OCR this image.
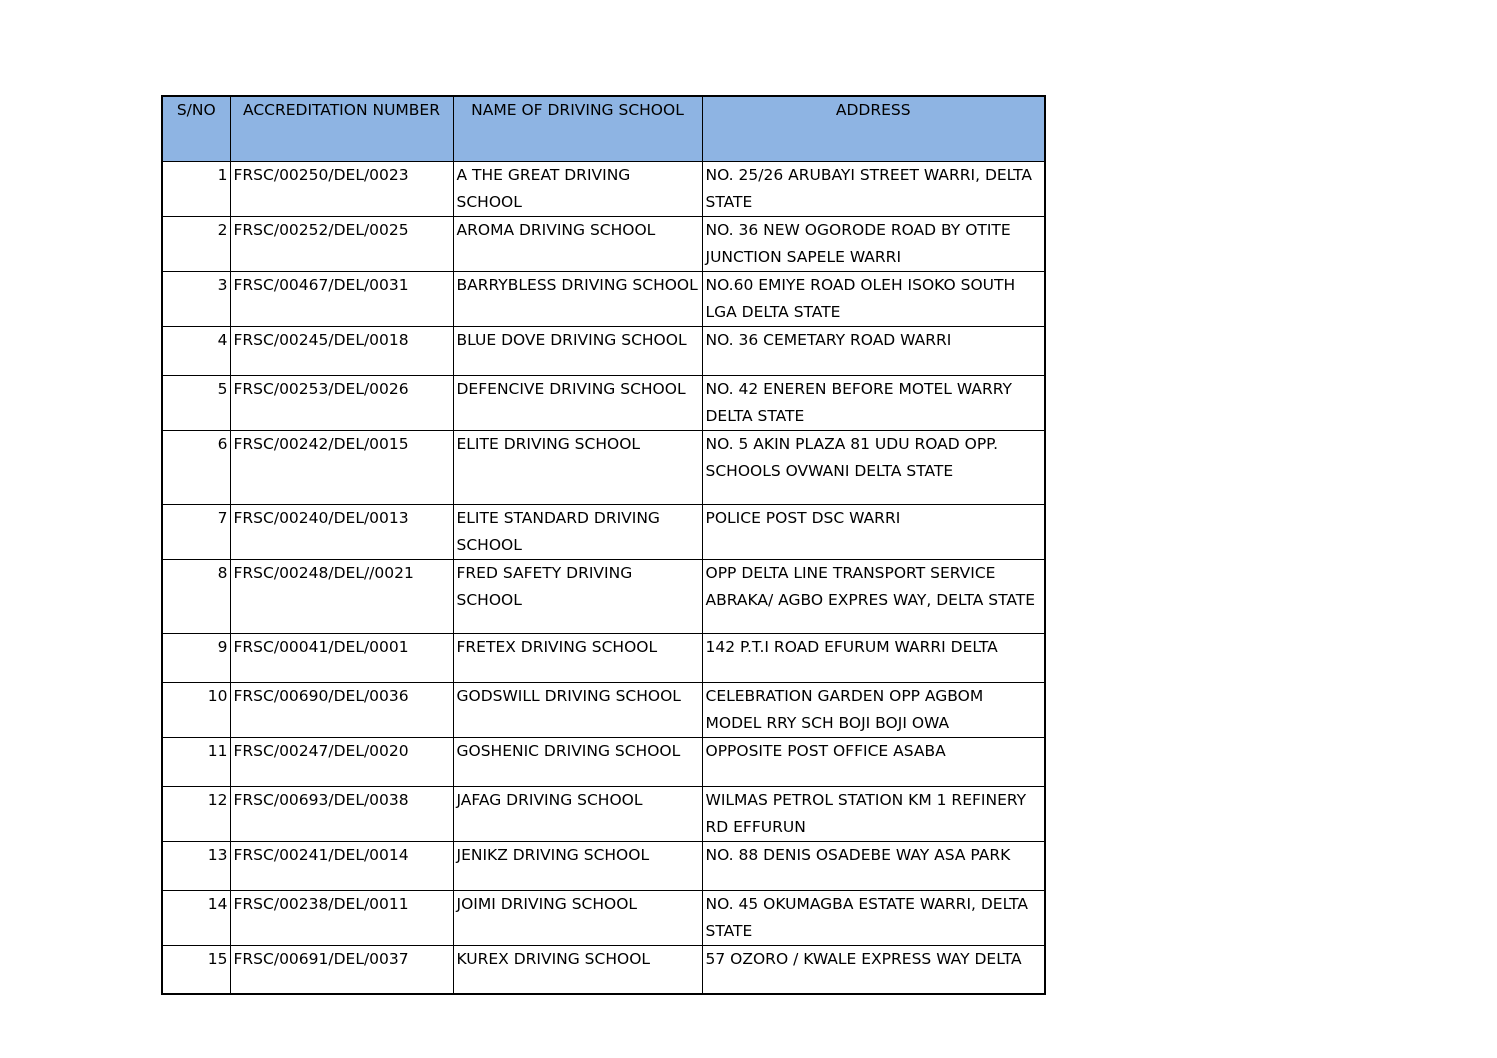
S/NO	ACCREDITATION NUMBER	NAME OF DRIVING SCHOOL	ADDRESS
1	FRSC/00250/DEL/0023	A THE GREAT DRIVING SCHOOL	NO. 25/26 ARUBAYI STREET WARRI, DELTA STATE
2	FRSC/00252/DEL/0025	AROMA DRIVING SCHOOL	NO. 36 NEW OGORODE ROAD BY OTITE JUNCTION SAPELE WARRI
3	FRSC/00467/DEL/0031	BARRYBLESS DRIVING SCHOOL	NO.60 EMIYE ROAD OLEH ISOKO SOUTH LGA DELTA STATE
4	FRSC/00245/DEL/0018	BLUE DOVE DRIVING SCHOOL	NO. 36 CEMETARY ROAD WARRI
5	FRSC/00253/DEL/0026	DEFENCIVE DRIVING SCHOOL	NO. 42 ENEREN BEFORE MOTEL WARRY DELTA STATE
6	FRSC/00242/DEL/0015	ELITE DRIVING SCHOOL	NO. 5 AKIN PLAZA 81 UDU ROAD OPP. SCHOOLS OVWANI DELTA STATE
7	FRSC/00240/DEL/0013	ELITE STANDARD DRIVING SCHOOL	POLICE POST DSC WARRI
8	FRSC/00248/DEL//0021	FRED SAFETY DRIVING SCHOOL	OPP DELTA LINE TRANSPORT SERVICE ABRAKA/ AGBO EXPRES WAY, DELTA STATE
9	FRSC/00041/DEL/0001	FRETEX DRIVING SCHOOL	142 P.T.I ROAD EFURUM WARRI DELTA
10	FRSC/00690/DEL/0036	GODSWILL DRIVING SCHOOL	CELEBRATION GARDEN OPP AGBOM MODEL RRY SCH BOJI BOJI OWA
11	FRSC/00247/DEL/0020	GOSHENIC DRIVING SCHOOL	OPPOSITE POST OFFICE ASABA
12	FRSC/00693/DEL/0038	JAFAG DRIVING SCHOOL	WILMAS PETROL STATION KM 1 REFINERY RD EFFURUN
13	FRSC/00241/DEL/0014	JENIKZ DRIVING SCHOOL	NO. 88 DENIS OSADEBE WAY ASA PARK
14	FRSC/00238/DEL/0011	JOIMI DRIVING SCHOOL	NO. 45 OKUMAGBA ESTATE WARRI, DELTA STATE
15	FRSC/00691/DEL/0037	KUREX DRIVING SCHOOL	57 OZORO / KWALE EXPRESS WAY DELTA
